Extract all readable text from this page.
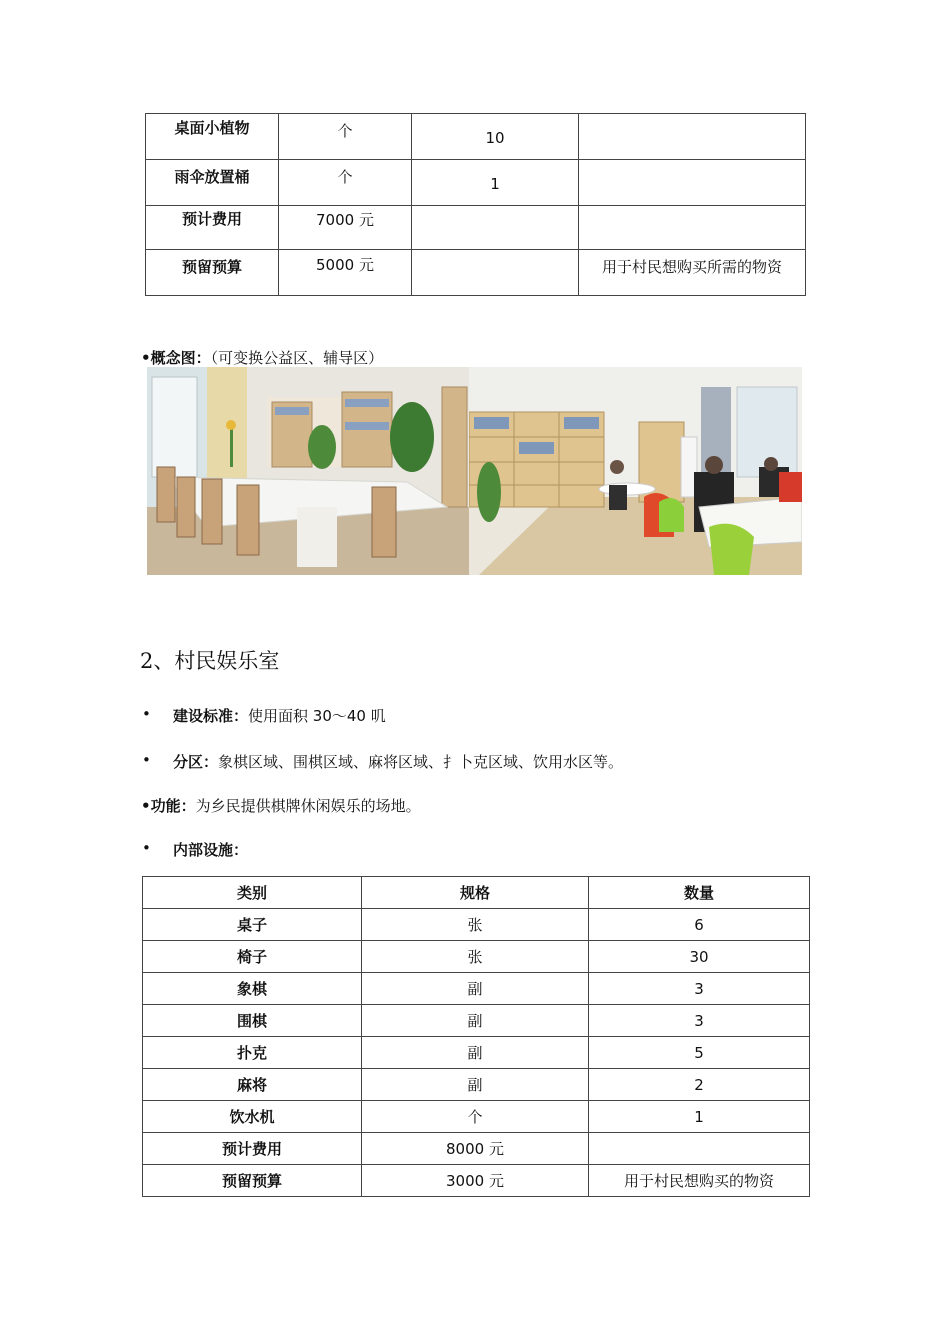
桌面小植物	个	10	
雨伞放置桶	个	1	
预计费用	7000 元		
预留预算	5000 元		用于村民想购买所需的物资
•概念图：（可变换公益区、辅导区）
2、村民娱乐室
• 建设标准：使用面积 30〜40 叽
• 分区：象棋区域、围棋区域、麻将区域、扌卜克区域、饮用水区等。
•功能：为乡民提供棋牌休闲娱乐的场地。
• 内部设施：
类别	规格	数量
桌子	张	6
椅子	张	30
象棋	副	3
围棋	副	3
扑克	副	5
麻将	副	2
饮水机	个	1
预计费用	8000 元	
预留预算	3000 元	用于村民想购买的物资
